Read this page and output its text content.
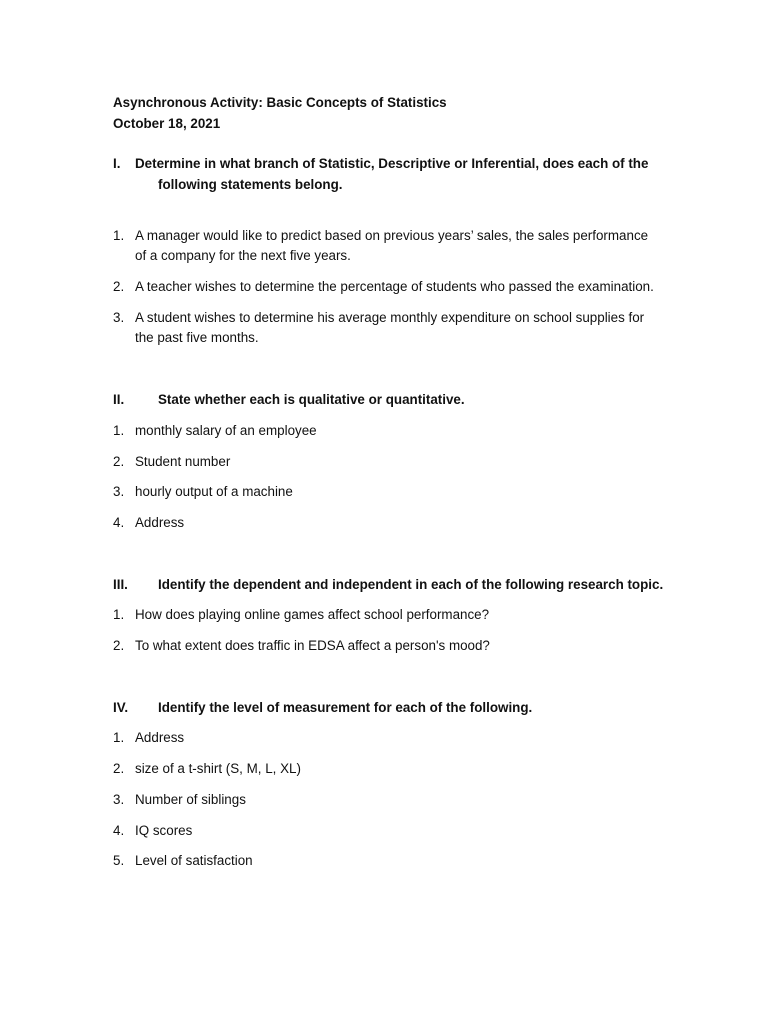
Asynchronous Activity: Basic Concepts of Statistics
October 18, 2021
I. Determine in what branch of Statistic, Descriptive or Inferential, does each of the
following statements belong.
1. A manager would like to predict based on previous years’ sales, the sales performance
of a company for the next five years.
2. A teacher wishes to determine the percentage of students who passed the examination.
3. A student wishes to determine his average monthly expenditure on school supplies for
the past five months.
II.	State whether each is qualitative or quantitative.
1. monthly salary of an employee
2. Student number
3. hourly output of a machine
4. Address
III. Identify the dependent and independent in each of the following research topic.
1. How does playing online games affect school performance?
2. To what extent does traffic in EDSA affect a person's mood?
IV. Identify the level of measurement for each of the following.
1. Address
2. size of a t-shirt (S, M, L, XL)
3. Number of siblings
4. IQ scores
5. Level of satisfaction
